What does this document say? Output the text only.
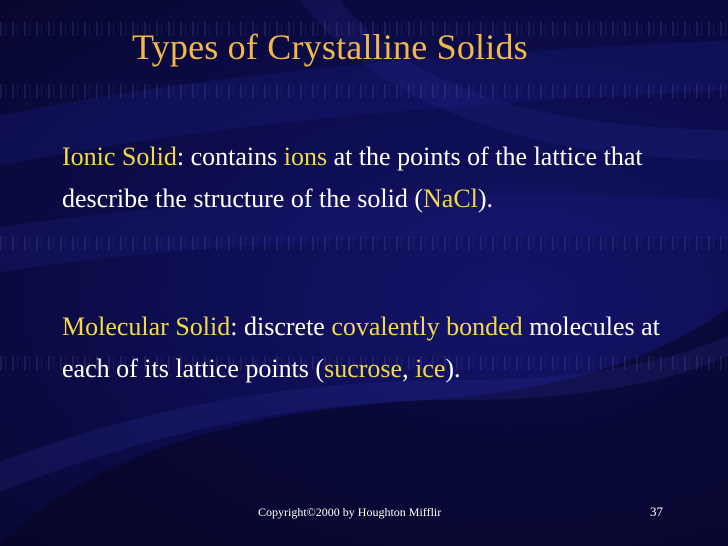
Types of Crystalline Solids
Ionic Solid: contains ions at the points of the lattice that describe the structure of the solid (NaCl).
Molecular Solid: discrete covalently bonded molecules at each of its lattice points (sucrose, ice).
Copyright©2000 by Houghton Mifflir	37
